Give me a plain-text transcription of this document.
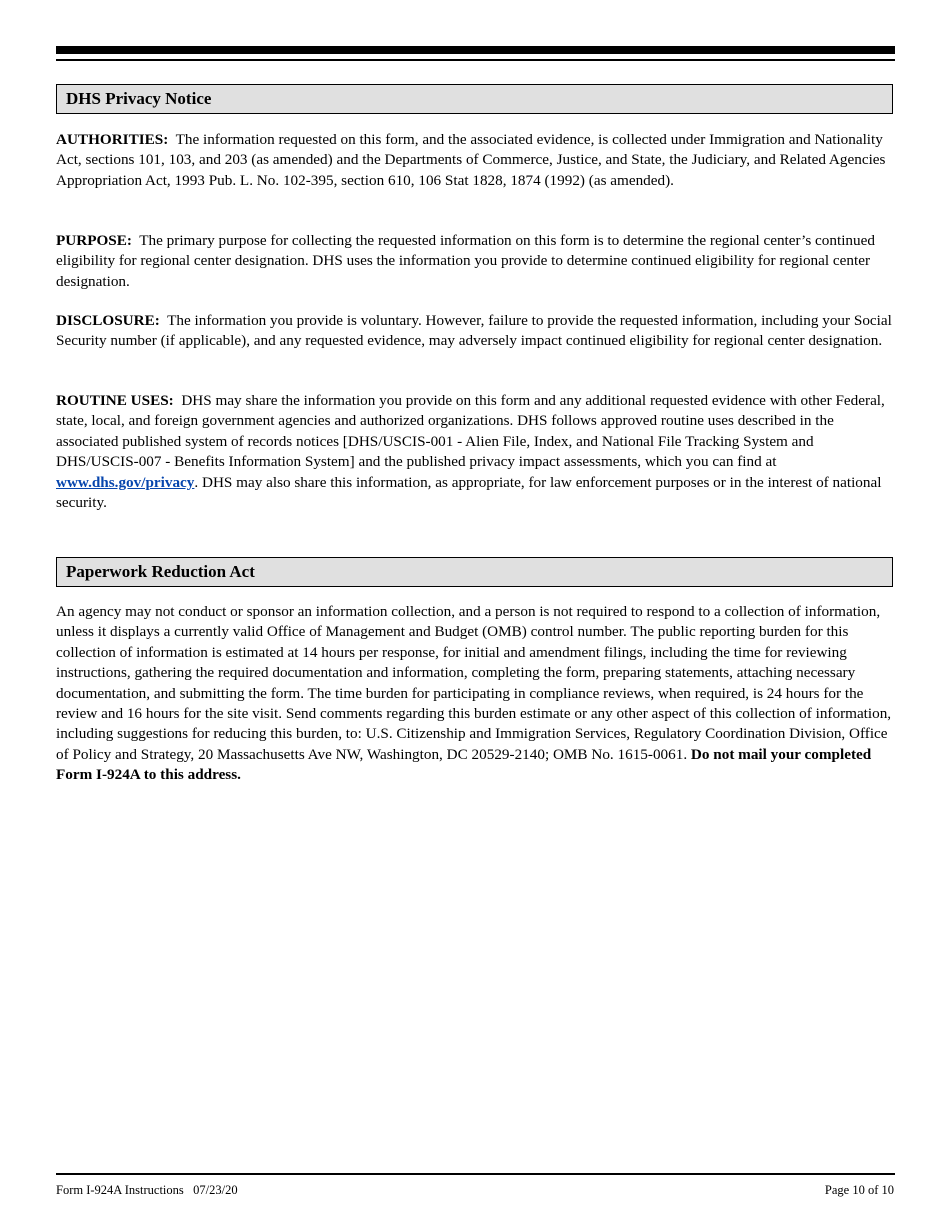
DHS Privacy Notice

AUTHORITIES: The information requested on this form, and the associated evidence, is collected under Immigration and Nationality Act, sections 101, 103, and 203 (as amended) and the Departments of Commerce, Justice, and State, the Judiciary, and Related Agencies Appropriation Act, 1993 Pub. L. No. 102-395, section 610, 106 Stat 1828, 1874 (1992) (as amended).

PURPOSE: The primary purpose for collecting the requested information on this form is to determine the regional center’s continued eligibility for regional center designation. DHS uses the information you provide to determine continued eligibility for regional center designation.

DISCLOSURE: The information you provide is voluntary. However, failure to provide the requested information, including your Social Security number (if applicable), and any requested evidence, may adversely impact continued eligibility for regional center designation.

ROUTINE USES: DHS may share the information you provide on this form and any additional requested evidence with other Federal, state, local, and foreign government agencies and authorized organizations. DHS follows approved routine uses described in the associated published system of records notices [DHS/USCIS-001 - Alien File, Index, and National File Tracking System and DHS/USCIS-007 - Benefits Information System] and the published privacy impact assessments, which you can find at www.dhs.gov/privacy. DHS may also share this information, as appropriate, for law enforcement purposes or in the interest of national security.

Paperwork Reduction Act

An agency may not conduct or sponsor an information collection, and a person is not required to respond to a collection of information, unless it displays a currently valid Office of Management and Budget (OMB) control number. The public reporting burden for this collection of information is estimated at 14 hours per response, for initial and amendment filings, including the time for reviewing instructions, gathering the required documentation and information, completing the form, preparing statements, attaching necessary documentation, and submitting the form. The time burden for participating in compliance reviews, when required, is 24 hours for the review and 16 hours for the site visit. Send comments regarding this burden estimate or any other aspect of this collection of information, including suggestions for reducing this burden, to: U.S. Citizenship and Immigration Services, Regulatory Coordination Division, Office of Policy and Strategy, 20 Massachusetts Ave NW, Washington, DC 20529-2140; OMB No. 1615-0061. Do not mail your completed Form I-924A to this address.

Form I-924A Instructions   07/23/20	Page 10 of 10
